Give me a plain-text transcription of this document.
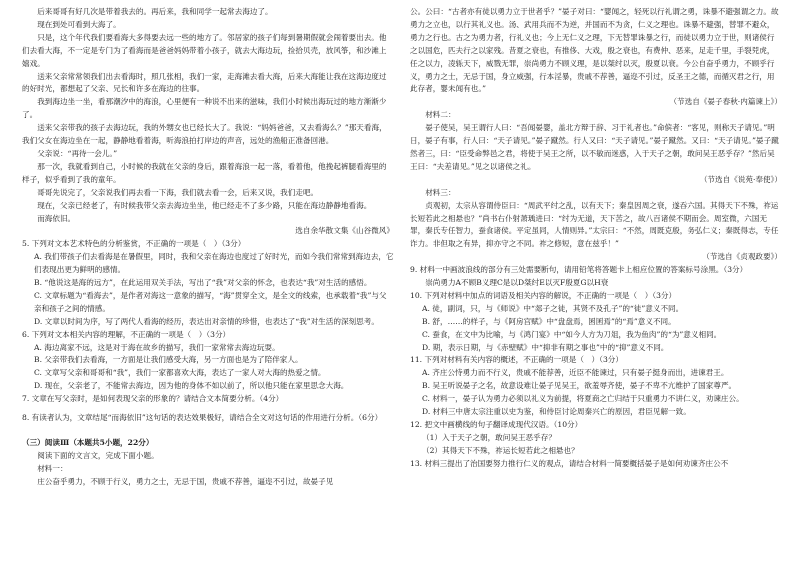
后来哥哥有好几次是带着我去的。再后来，我和同学一起常去海边了。

现在到处可看到大海了。

只是，这个年代我们要看海大多得要去远一些的地方了。邻居家的孩子们每到暑期假就会闹着要出去。他们去看大海，不一定是专门为了看海而是爸爸妈妈带着小孩子，就去大海边玩，捡拾贝壳，放风筝，和沙滩上嬉戏。

送来父亲常常领我们出去看海时，照几张相，我们一家，走海滩去看大海，后来大海能让我在这海边度过的好时光，都想起了父亲、兄长和许多在海边的往事。

我到海边坐一坐，看那潮汐中的海浪，心里便有一种说不出来的滋味，我们小时候出海玩过的地方渐渐少了。

送来父亲带我的孩子去海边玩，我的外甥女也已经长大了。我说：“妈妈爸爸，又去看海么？”那天看海，我们父女在海边坐在一起，静静地看着海，听海浪拍打岸边的声音，远处的渔船正准备回港。

父亲说：“再待一会儿。”

那一次，我就看到自己，小时候的我就在父亲的身后，跟着海浪一起一落，看着他，他挽起裤腿看海里的样子，似乎看到了我的童年。

哥哥先说完了，父亲说我们再去看一下海，我们就去看一会，后来又说，我们走吧。

现在，父亲已经老了，有时候我带父亲去海边坐坐，他已经走不了多少路，只能在海边静静地看海。

而海依旧。

选自余华散文集《山谷微风》

5. 下列对文本艺术特色的分析鉴赏，不正确的一项是（　）（3分）

A. 我们带孩子们去看海是在暑假里，同时，我和父亲在海边也度过了好时光，而如今我们常常到海边去，它们表现出更为鲜明的感情。

B. “他说这是海的远方”，在此运用双关手法，写出了“我”对父亲的怀念，也表达“我”对生活的感悟。

C. 文章标题为“看海去”，是作者对海这一意象的描写，“海”贯穿全文，是全文的线索，也承载着“我”与父亲和孩子之间的情感。

D. 文章以时间为序，写了两代人看海的经历，表达出对亲情的珍惜，也表达了“我”对生活的深刻思考。

6. 下列对文本相关内容的理解，不正确的一项是（　）（3分）

A. 海边离家不远，这是对于海在故乡的描写，我们一家常常去海边玩耍。

B. 父亲带我们去看海，一方面是让我们感受大海，另一方面也是为了陪伴家人。

C. 文章写父亲和哥哥和“我”，我们一家都喜欢大海，表达了一家人对大海的热爱之情。

D. 现在，父亲老了，不能常去海边，因为他的身体不如以前了，所以他只能在家里思念大海。

7. 文章在写父亲时，是如何表现父亲的形象的？请结合文本简要分析。（4分）

8. 有读者认为，文章结尾“而海依旧”这句话的表达效果极好，请结合全文对这句话的作用进行分析。（6分）

（三）阅读Ⅲ（本题共5小题，22分）

阅读下面的文言文，完成下面小题。

材料一：

庄公奋乎勇力，不顾于行义，勇力之士，无忌于国，贵戚不荐善，逼迩不引过，故晏子见

公。公曰：“古者亦有徒以勇力立于世者乎？”晏子对曰：“婴闻之，轻死以行礼谓之勇，诛暴不避强谓之力。故勇力之立也，以行其礼义也。汤、武用兵而不为逆，并国而不为贪，仁义之理也。诛暴不避强，替罪不避众，勇力之行也。古之为勇力者，行礼义也；今上无仁义之理，下无替罪诛暴之行，而徒以勇力立于世，则诸侯行之以国危，匹夫行之以家残。昔夏之衰也，有推侈、大戏，殷之衰也，有费仲、恶来，足走千里，手裂兕虎，任之以力，凌轹天下，威戮无罪，崇尚勇力不顾义理，是以桀纣以灭，殷夏以衰。今公自奋乎勇力，不顾乎行义，勇力之士，无忌于国，身立威强，行本淫暴，贵戚不荐善，逼迩不引过，反圣王之德，而循灭君之行，用此存者，婴未闻有也。”

（节选自《晏子春秋·内篇谏上》）

材料二：

晏子使吴，吴王谓行人曰：“吾闻晏婴，盖北方辩于辞、习于礼者也。”命傧者：“客见，则称天子请见。”明日，晏子有事，行人曰：“天子请见。”晏子蹴然。行人又曰：“天子请见。”晏子蹴然。又曰：“天子请见。”晏子蹴然者三，曰：“臣受命弊邑之君，将使于吴王之所，以不敏而迷惑，入于天子之朝，敢问吴王恶乎存？”然后吴王曰：“夫差请见。”见之以诸侯之礼。

（节选自《说苑·奉使》）

材料三：

贞观初，太宗从容谓侍臣曰：“周武平纣之乱，以有天下；秦皇因周之衰，遂吞六国。其得天下不殊，祚运长短若此之相悬也？”尚书右仆射萧瑀进曰：“纣为无道，天下苦之，故八百诸侯不期而会。周室微，六国无罪，秦氏专任智力，蚕食诸侯。平定虽同，人情则异。”太宗曰：“不然，周既克殷，务弘仁义；秦既得志，专任诈力。非但取之有异，抑亦守之不同。祚之修短，意在兹乎！”

（节选自《贞观政要》）

9. 材料一中画波浪线的部分有三处需要断句，请用铅笔将答题卡上相应位置的答案标号涂黑。（3分）

崇尚勇力A不顾B义理C是以D桀纣E以灭F殷夏G以H衰

10. 下列对材料中加点的词语及相关内容的解说，不正确的一项是（　）（3分）

A. 徒，副词，只，与《师说》中“郯子之徒，其贤不及孔子”的“徒”意义不同。

B. 舒，……的样子，与《阿房宫赋》中“盘盘焉，囷囷焉”的“焉”意义不同。

C. 蚕食，在文中为比喻，与《鸿门宴》中“如今人方为刀俎，我为鱼肉”的“为”意义相同。

D. 期，表示日期，与《赤壁赋》中“抑非有期之事也”中的“抑”意义不同。

11. 下列对材料有关内容的概述，不正确的一项是（　）（3分）

A. 齐庄公恃勇力而不行义，贵戚不能荐善，近臣不能谏过，只有晏子挺身而出，进谏君王。

B. 吴王听说晏子之名，故意设难让晏子见吴王，欲羞辱齐使，晏子不卑不亢维护了国家尊严。

C. 材料一，晏子认为勇力必须以礼义为前提，将夏商之亡归结于只重勇力不讲仁义，劝谏庄公。

D. 材料三中唐太宗注重以史为鉴，和侍臣讨论周秦兴亡的原因，君臣见解一致。

12. 把文中画横线的句子翻译成现代汉语。（10分）

（1）入于天子之朝，敢问吴王恶乎存？

（2）其得天下不殊，祚运长短若此之相悬也？

13. 材料三提出了治国要努力推行仁义的观点，请结合材料一简要概括晏子是如何劝谏齐庄公不
